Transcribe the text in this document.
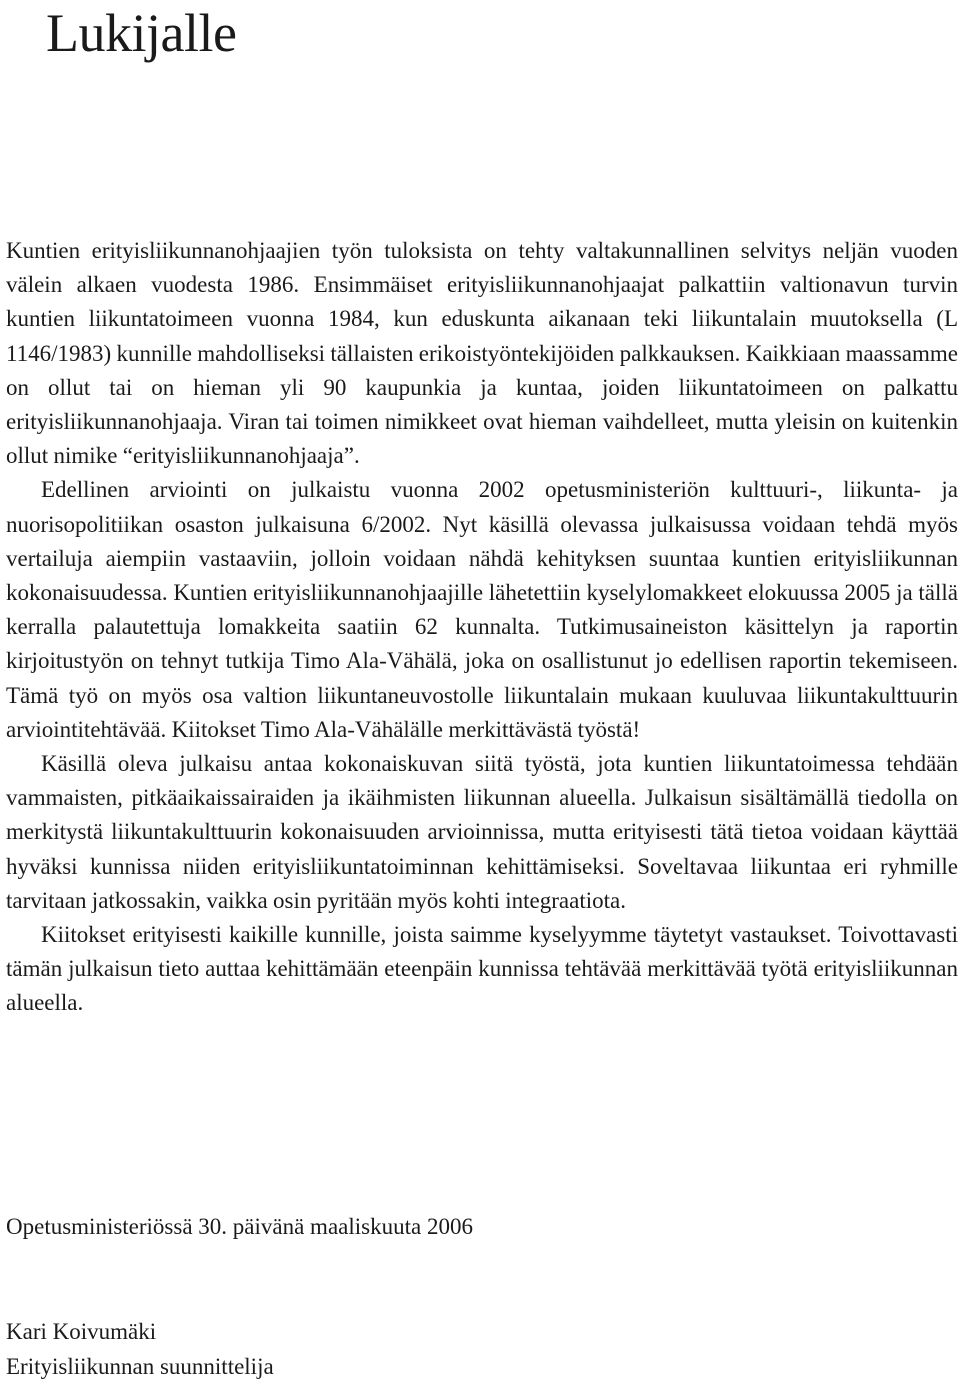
Lukijalle

Kuntien erityisliikunnanohjaajien työn tuloksista on tehty valtakunnallinen selvitys neljän vuoden välein alkaen vuodesta 1986. Ensimmäiset erityisliikunnanohjaajat palkattiin valtionavun turvin kuntien liikuntatoimeen vuonna 1984, kun eduskunta aikanaan teki liikuntalain muutoksella (L 1146/1983) kunnille mahdolliseksi tällaisten erikoistyöntekijöiden palkkauksen. Kaikkiaan maassamme on ollut tai on hieman yli 90 kaupunkia ja kuntaa, joiden liikuntatoimeen on palkattu erityisliikunnanohjaaja. Viran tai toimen nimikkeet ovat hieman vaihdelleet, mutta yleisin on kuitenkin ollut nimike “erityisliikunnanohjaaja”.

Edellinen arviointi on julkaistu vuonna 2002 opetusministeriön kulttuuri-, liikunta- ja nuorisopolitiikan osaston julkaisuna 6/2002. Nyt käsillä olevassa julkaisussa voidaan tehdä myös vertailuja aiempiin vastaaviin, jolloin voidaan nähdä kehityksen suuntaa kuntien erityisliikunnan kokonaisuudessa. Kuntien erityisliikunnanohjaajille lähetettiin kyselylomakkeet elokuussa 2005 ja tällä kerralla palautettuja lomakkeita saatiin 62 kunnalta. Tutkimusaineiston käsittelyn ja raportin kirjoitustyön on tehnyt tutkija Timo Ala-Vähälä, joka on osallistunut jo edellisen raportin tekemiseen. Tämä työ on myös osa valtion liikuntaneuvostolle liikuntalain mukaan kuuluvaa liikuntakulttuurin arviointitehtävää. Kiitokset Timo Ala-Vähälälle merkittävästä työstä!

Käsillä oleva julkaisu antaa kokonaiskuvan siitä työstä, jota kuntien liikuntatoimessa tehdään vammaisten, pitkäaikaissairaiden ja ikäihmisten liikunnan alueella. Julkaisun sisältämällä tiedolla on merkitystä liikuntakulttuurin kokonaisuuden arvioinnissa, mutta erityisesti tätä tietoa voidaan käyttää hyväksi kunnissa niiden erityisliikuntatoiminnan kehittämiseksi. Soveltavaa liikuntaa eri ryhmille tarvitaan jatkossakin, vaikka osin pyritään myös kohti integraatiota.

Kiitokset erityisesti kaikille kunnille, joista saimme kyselyymme täytetyt vastaukset. Toivottavasti tämän julkaisun tieto auttaa kehittämään eteenpäin kunnissa tehtävää merkittävää työtä erityisliikunnan alueella.

Opetusministeriössä 30. päivänä maaliskuuta 2006

Kari Koivumäki
Erityisliikunnan suunnittelija
